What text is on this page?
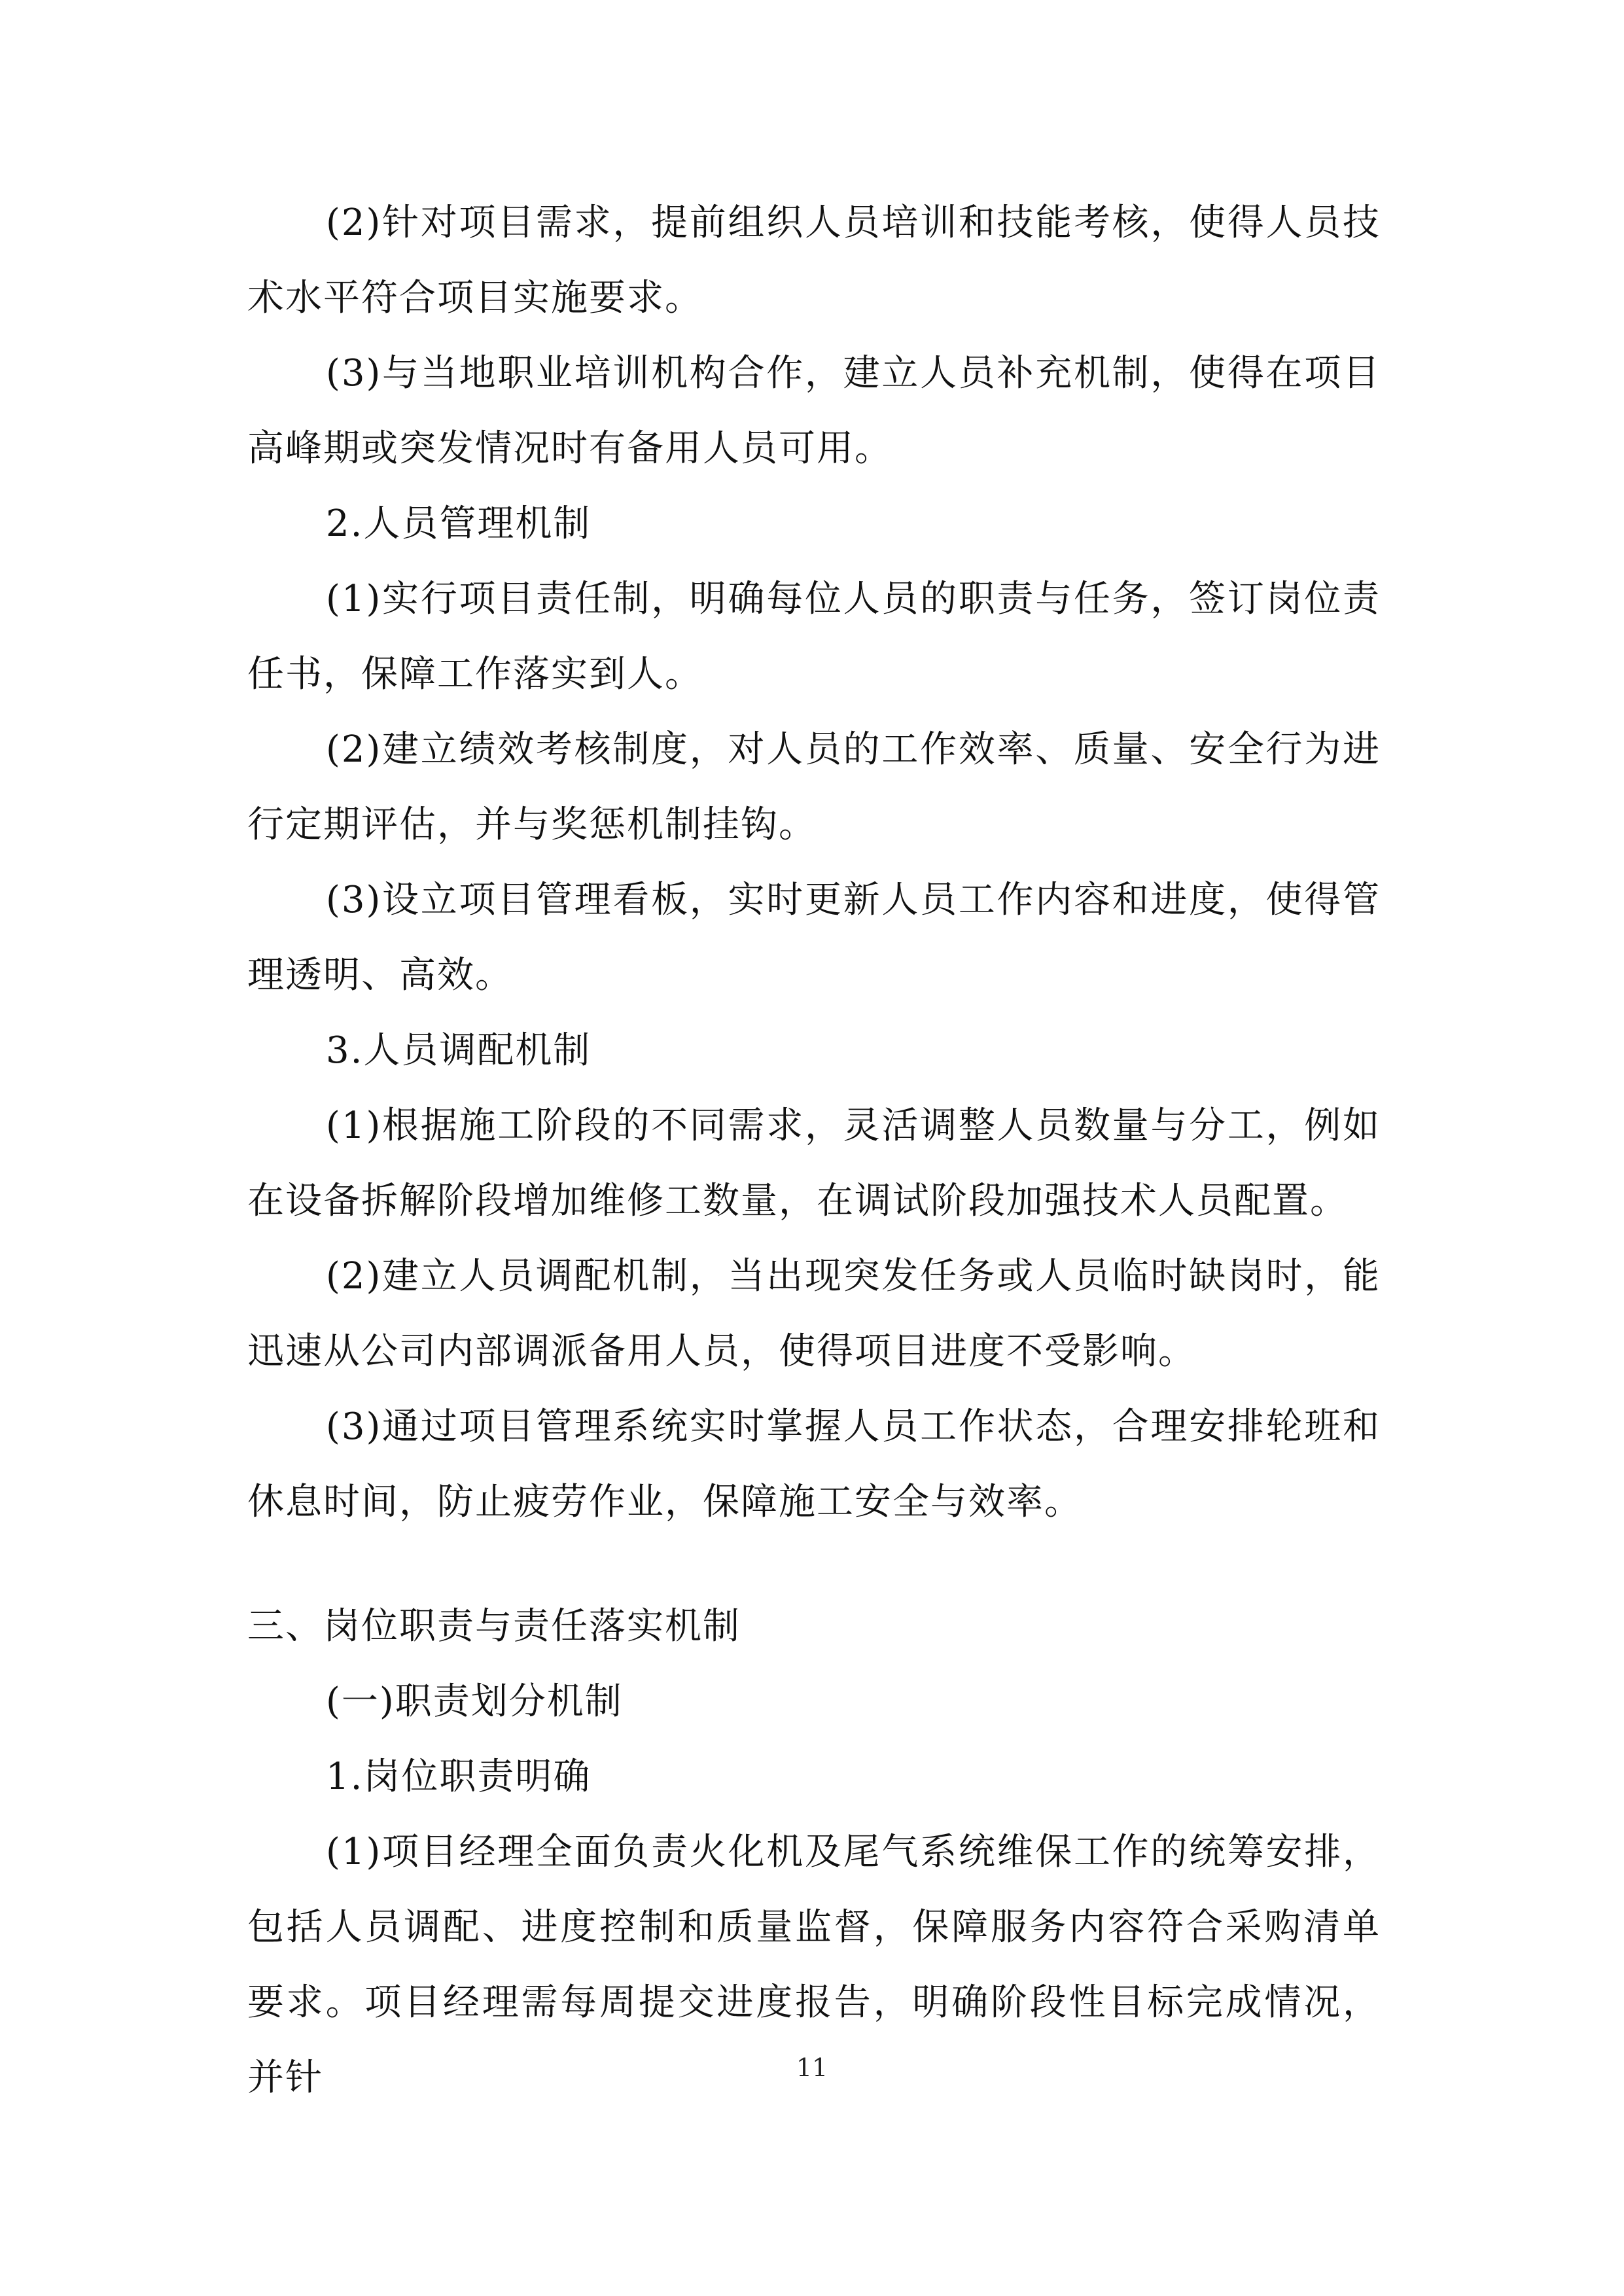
(2)针对项目需求，提前组织人员培训和技能考核，使得人员技术水平符合项目实施要求。

(3)与当地职业培训机构合作，建立人员补充机制，使得在项目高峰期或突发情况时有备用人员可用。

2.人员管理机制

(1)实行项目责任制，明确每位人员的职责与任务，签订岗位责任书，保障工作落实到人。

(2)建立绩效考核制度，对人员的工作效率、质量、安全行为进行定期评估，并与奖惩机制挂钩。

(3)设立项目管理看板，实时更新人员工作内容和进度，使得管理透明、高效。

3.人员调配机制

(1)根据施工阶段的不同需求，灵活调整人员数量与分工，例如在设备拆解阶段增加维修工数量，在调试阶段加强技术人员配置。

(2)建立人员调配机制，当出现突发任务或人员临时缺岗时，能迅速从公司内部调派备用人员，使得项目进度不受影响。

(3)通过项目管理系统实时掌握人员工作状态，合理安排轮班和休息时间，防止疲劳作业，保障施工安全与效率。

三、岗位职责与责任落实机制

(一)职责划分机制

1.岗位职责明确

(1)项目经理全面负责火化机及尾气系统维保工作的统筹安排，包括人员调配、进度控制和质量监督，保障服务内容符合采购清单要求。项目经理需每周提交进度报告，明确阶段性目标完成情况，并针	11
